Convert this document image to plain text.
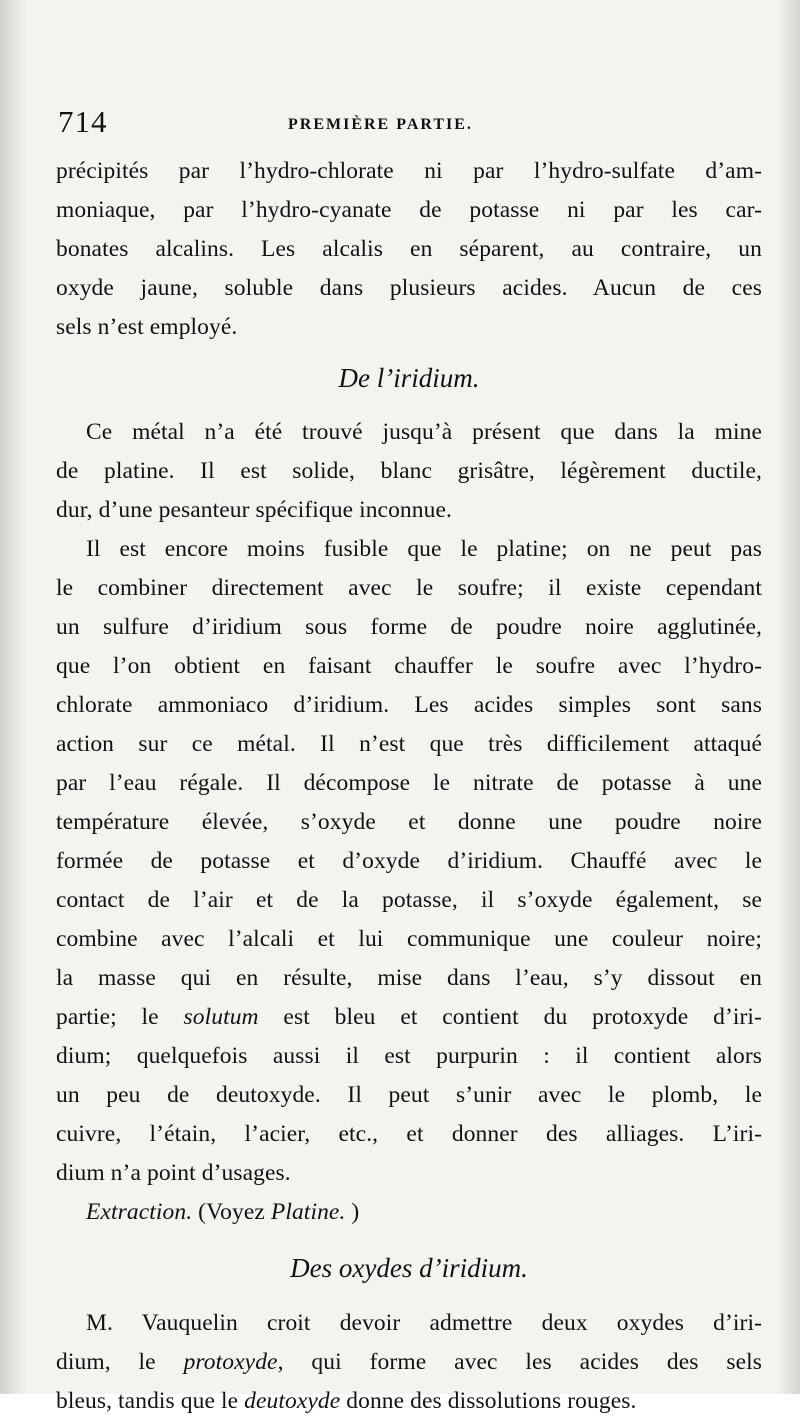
714	PREMIÈRE PARTIE.
précipités par l’hydro-chlorate ni par l’hydro-sulfate d’am-
moniaque, par l’hydro-cyanate de potasse ni par les car-
bonates alcalins. Les alcalis en séparent, au contraire, un
oxyde jaune, soluble dans plusieurs acides. Aucun de ces
sels n’est employé.
De l’iridium.
Ce métal n’a été trouvé jusqu’à présent que dans la mine
de platine. Il est solide, blanc grisâtre, légèrement ductile,
dur, d’une pesanteur spécifique inconnue.
Il est encore moins fusible que le platine; on ne peut pas
le combiner directement avec le soufre; il existe cependant
un sulfure d’iridium sous forme de poudre noire agglutinée,
que l’on obtient en faisant chauffer le soufre avec l’hydro-
chlorate ammoniaco d’iridium. Les acides simples sont sans
action sur ce métal. Il n’est que très difficilement attaqué
par l’eau régale. Il décompose le nitrate de potasse à une
température élevée, s’oxyde et donne une poudre noire
formée de potasse et d’oxyde d’iridium. Chauffé avec le
contact de l’air et de la potasse, il s’oxyde également, se
combine avec l’alcali et lui communique une couleur noire;
la masse qui en résulte, mise dans l’eau, s’y dissout en
partie; le solutum est bleu et contient du protoxyde d’iri-
dium; quelquefois aussi il est purpurin : il contient alors
un peu de deutoxyde. Il peut s’unir avec le plomb, le
cuivre, l’étain, l’acier, etc., et donner des alliages. L’iri-
dium n’a point d’usages.
Extraction. (Voyez Platine. )
Des oxydes d’iridium.
M. Vauquelin croit devoir admettre deux oxydes d’iri-
dium, le protoxyde, qui forme avec les acides des sels
bleus, tandis que le deutoxyde donne des dissolutions rouges.
